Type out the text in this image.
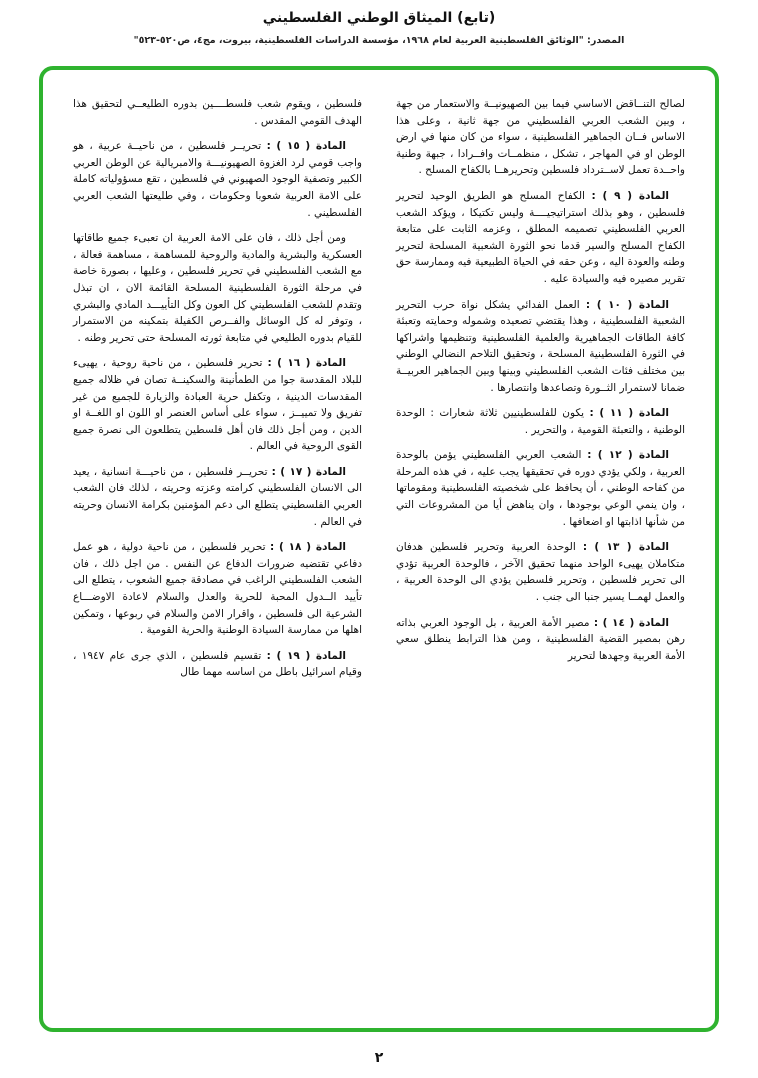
(تابع) الميثاق الوطني الفلسطيني
المصدر: "الوثائق الفلسطينية العربية لعام ١٩٦٨، مؤسسة الدراسات الفلسطينية، بيروت، مج٤، ص٥٢٠-٥٢٣"

لصالح التنــاقض الاساسي فيما بين الصهيونيــة والاستعمار من جهة ، وبين الشعب العربي الفلسطيني من جهة ثانية ، وعلى هذا الاساس فــان الجماهير الفلسطينية ، سواء من كان منها في ارض الوطن او في المهاجر ، تشكل ، منظمــات وافــرادا ، جبهة وطنية واحــدة تعمل لاســترداد فلسطين وتحريرهــا بالكفاح المسلح .

المادة ( ٩ ) : الكفاح المسلح هو الطريق الوحيد لتحرير فلسطين ، وهو بذلك استراتيجيــــة وليس تكتيكا ، ويؤكد الشعب العربي الفلسطيني تصميمه المطلق ، وعزمه الثابت على متابعة الكفاح المسلح والسير قدما نحو الثورة الشعبية المسلحة لتحرير وطنه والعودة اليه ، وعن حقه في الحياة الطبيعية فيه وممارسة حق تقرير مصيره فيه والسيادة عليه .

المادة ( ١٠ ) : العمل الفدائي يشكل نواة حرب التحرير الشعبية الفلسطينية ، وهذا يقتضي تصعيده وشموله وحمايته وتعبئة كافة الطاقات الجماهيرية والعلمية الفلسطينية وتنظيمها واشراكها في الثورة الفلسطينية المسلحة ، وتحقيق التلاحم النضالي الوطني بين مختلف فئات الشعب الفلسطيني وبينها وبين الجماهير العربيــة ضمانا لاستمرار الثــورة وتصاعدها وانتصارها .

المادة ( ١١ ) : يكون للفلسطينيين ثلاثة شعارات : الوحدة الوطنية ، والتعبئة القومية ، والتحرير .

المادة ( ١٢ ) : الشعب العربي الفلسطيني يؤمن بالوحدة العربية ، ولكي يؤدي دوره في تحقيقها يجب عليه ، في هذه المرحلة من كفاحه الوطني ، أن يحافظ على شخصيته الفلسطينية ومقوماتها ، وان ينمي الوعي بوجودها ، وان يناهض أيا من المشروعات التي من شأنها اذابتها او اضعافها .

المادة ( ١٣ ) : الوحدة العربية وتحرير فلسطين هدفان متكاملان يهيىء الواحد منهما تحقيق الآخر ، فالوحدة العربية تؤدي الى تحرير فلسطين ، وتحرير فلسطين يؤدي الى الوحدة العربية ، والعمل لهمــا يسير جنبا الى جنب .

المادة ( ١٤ ) : مصير الأمة العربية ، بل الوجود العربي بذاته رهن بمصير القضية الفلسطينية ، ومن هذا الترابط ينطلق سعي الأمة العربية وجهدها لتحرير

فلسطين ، ويقوم شعب فلسطــــين بدوره الطليعــي لتحقيق هذا الهدف القومي المقدس .

المادة ( ١٥ ) : تحريــر فلسطين ، من ناحيــة عربية ، هو واجب قومي لرد الغزوة الصهيونيـــة والامبريالية عن الوطن العربي الكبير وتصفية الوجود الصهيوني في فلسطين ، تقع مسؤولياته كاملة على الامة العربية شعوبا وحكومات ، وفي طليعتها الشعب العربي الفلسطيني .

ومن أجل ذلك ، فان على الامة العربية ان تعبىء جميع طاقاتها العسكرية والبشرية والمادية والروحية للمساهمة ، مساهمة فعالة ، مع الشعب الفلسطيني في تحرير فلسطين ، وعليها ، بصورة خاصة في مرحلة الثورة الفلسطينية المسلحة القائمة الان ، ان تبذل وتقدم للشعب الفلسطيني كل العون وكل التأييـــد المادي والبشري ، وتوفر له كل الوسائل والفــرص الكفيلة بتمكينه من الاستمرار للقيام بدوره الطليعي في متابعة ثورته المسلحة حتى تحرير وطنه .

المادة ( ١٦ ) : تحرير فلسطين ، من ناحية روحية ، يهيىء للبلاد المقدسة جوا من الطمأنينة والسكينــة تصان في ظلاله جميع المقدسات الدينية ، وتكفل حرية العبادة والزيارة للجميع من غير تفريق ولا تمييــز ، سواء على أساس العنصر او اللون او اللغــة او الدين ، ومن أجل ذلك فان أهل فلسطين يتطلعون الى نصرة جميع القوى الروحية في العالم .

المادة ( ١٧ ) : تحريــر فلسطين ، من ناحيـــة انسانية ، يعيد الى الانسان الفلسطيني كرامته وعزته وحريته ، لذلك فان الشعب العربي الفلسطيني يتطلع الى دعم المؤمنين بكرامة الانسان وحريته في العالم .

المادة ( ١٨ ) : تحرير فلسطين ، من ناحية دولية ، هو عمل دفاعي تقتضيه ضرورات الدفاع عن النفس . من اجل ذلك ، فان الشعب الفلسطيني الراغب في مصادقة جميع الشعوب ، يتطلع الى تأييد الــدول المحبة للحرية والعدل والسلام لاعادة الاوضـــاع الشرعية الى فلسطين ، واقرار الامن والسلام في ربوعها ، وتمكين اهلها من ممارسة السيادة الوطنية والحرية القومية .

المادة ( ١٩ ) : تقسيم فلسطين ، الذي جرى عام ١٩٤٧ ، وقيام اسرائيل باطل من اساسه مهما طال

٢
